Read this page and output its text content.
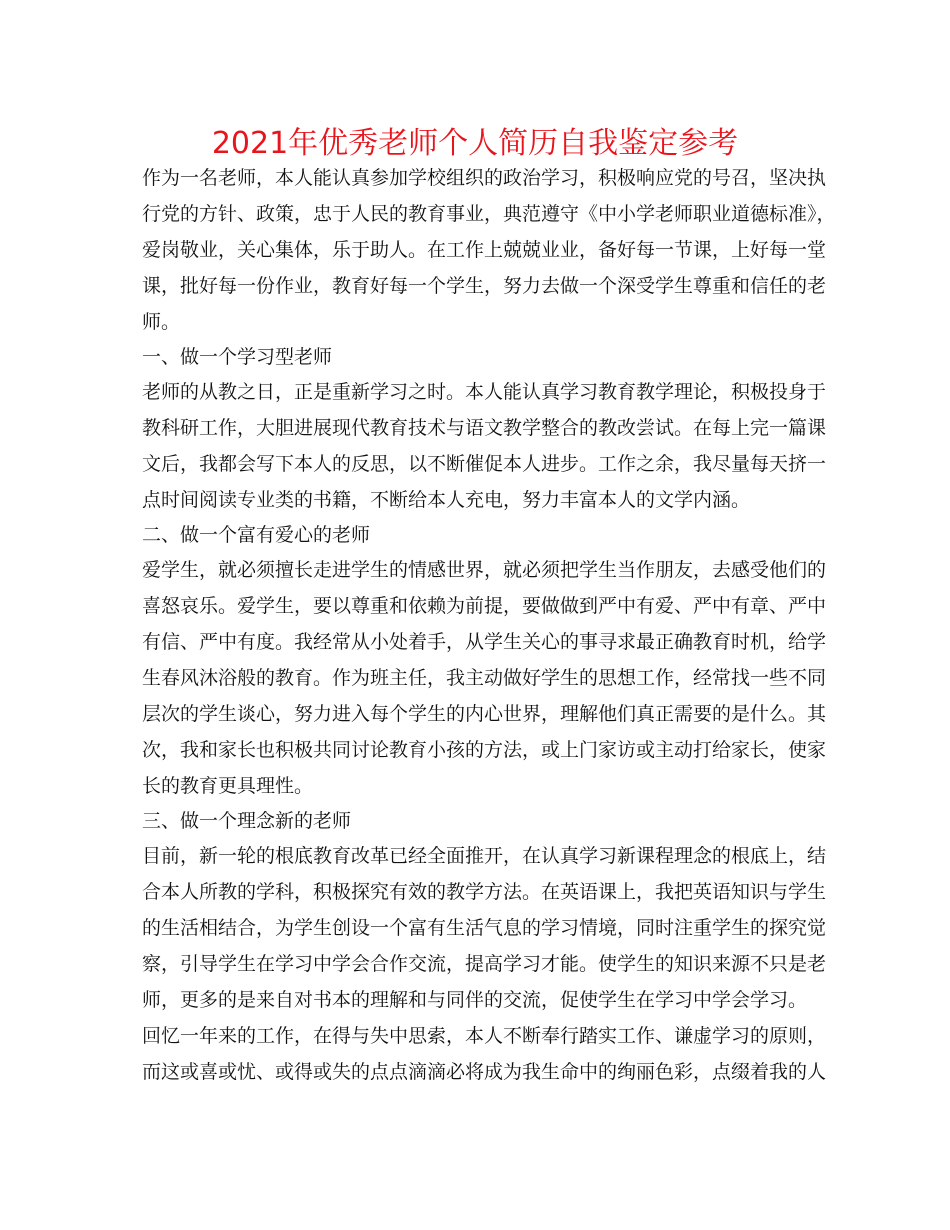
2021年优秀老师个人简历自我鉴定参考
作为一名老师，本人能认真参加学校组织的政治学习，积极响应党的号召，坚决执
行党的方针、政策，忠于人民的教育事业，典范遵守《中小学老师职业道德标准》，
爱岗敬业，关心集体，乐于助人。在工作上兢兢业业，备好每一节课，上好每一堂
课，批好每一份作业，教育好每一个学生，努力去做一个深受学生尊重和信任的老
师。
一、做一个学习型老师
老师的从教之日，正是重新学习之时。本人能认真学习教育教学理论，积极投身于
教科研工作，大胆进展现代教育技术与语文教学整合的教改尝试。在每上完一篇课
文后，我都会写下本人的反思，以不断催促本人进步。工作之余，我尽量每天挤一
点时间阅读专业类的书籍，不断给本人充电，努力丰富本人的文学内涵。
二、做一个富有爱心的老师
爱学生，就必须擅长走进学生的情感世界，就必须把学生当作朋友，去感受他们的
喜怒哀乐。爱学生，要以尊重和依赖为前提，要做做到严中有爱、严中有章、严中
有信、严中有度。我经常从小处着手，从学生关心的事寻求最正确教育时机，给学
生春风沐浴般的教育。作为班主任，我主动做好学生的思想工作，经常找一些不同
层次的学生谈心，努力进入每个学生的内心世界，理解他们真正需要的是什么。其
次，我和家长也积极共同讨论教育小孩的方法，或上门家访或主动打给家长，使家
长的教育更具理性。
三、做一个理念新的老师
目前，新一轮的根底教育改革已经全面推开，在认真学习新课程理念的根底上，结
合本人所教的学科，积极探究有效的教学方法。在英语课上，我把英语知识与学生
的生活相结合，为学生创设一个富有生活气息的学习情境，同时注重学生的探究觉
察，引导学生在学习中学会合作交流，提高学习才能。使学生的知识来源不只是老
师，更多的是来自对书本的理解和与同伴的交流，促使学生在学习中学会学习。
回忆一年来的工作，在得与失中思索，本人不断奉行踏实工作、谦虚学习的原则，
而这或喜或忧、或得或失的点点滴滴必将成为我生命中的绚丽色彩，点缀着我的人
